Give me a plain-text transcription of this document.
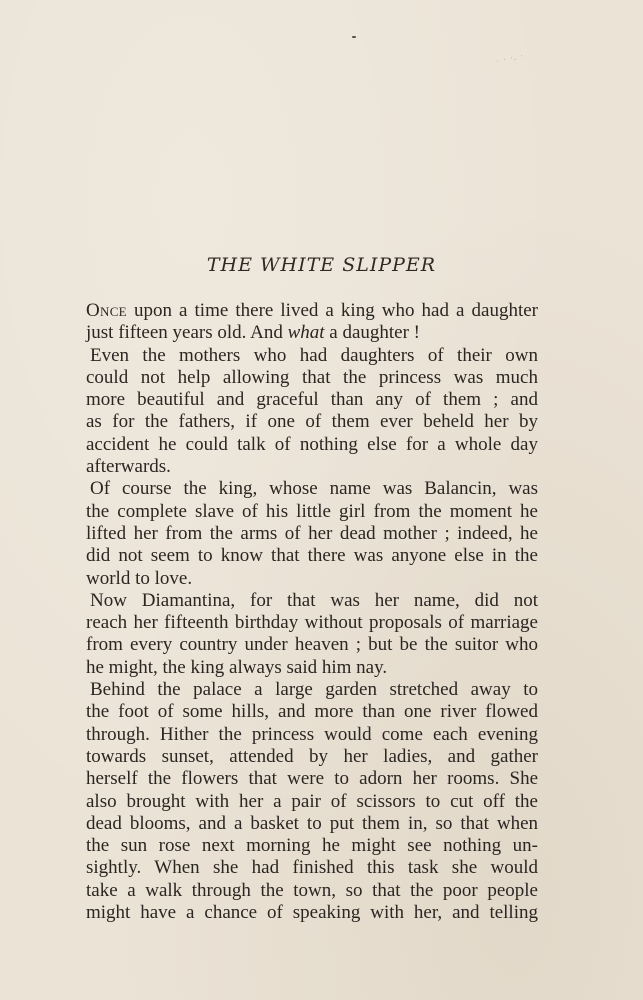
· · ·. ·
THE WHITE SLIPPER
Once upon a time there lived a king who had a daughter
just fifteen years old. And what a daughter !
Even the mothers who had daughters of their own
could not help allowing that the princess was much
more beautiful and graceful than any of them ; and
as for the fathers, if one of them ever beheld her by
accident he could talk of nothing else for a whole day
afterwards.
Of course the king, whose name was Balancin, was
the complete slave of his little girl from the moment he
lifted her from the arms of her dead mother ; indeed, he
did not seem to know that there was anyone else in the
world to love.
Now Diamantina, for that was her name, did not
reach her fifteenth birthday without proposals of marriage
from every country under heaven ; but be the suitor who
he might, the king always said him nay.
Behind the palace a large garden stretched away to
the foot of some hills, and more than one river flowed
through. Hither the princess would come each evening
towards sunset, attended by her ladies, and gather
herself the flowers that were to adorn her rooms. She
also brought with her a pair of scissors to cut off the
dead blooms, and a basket to put them in, so that when
the sun rose next morning he might see nothing un-
sightly. When she had finished this task she would
take a walk through the town, so that the poor people
might have a chance of speaking with her, and telling
